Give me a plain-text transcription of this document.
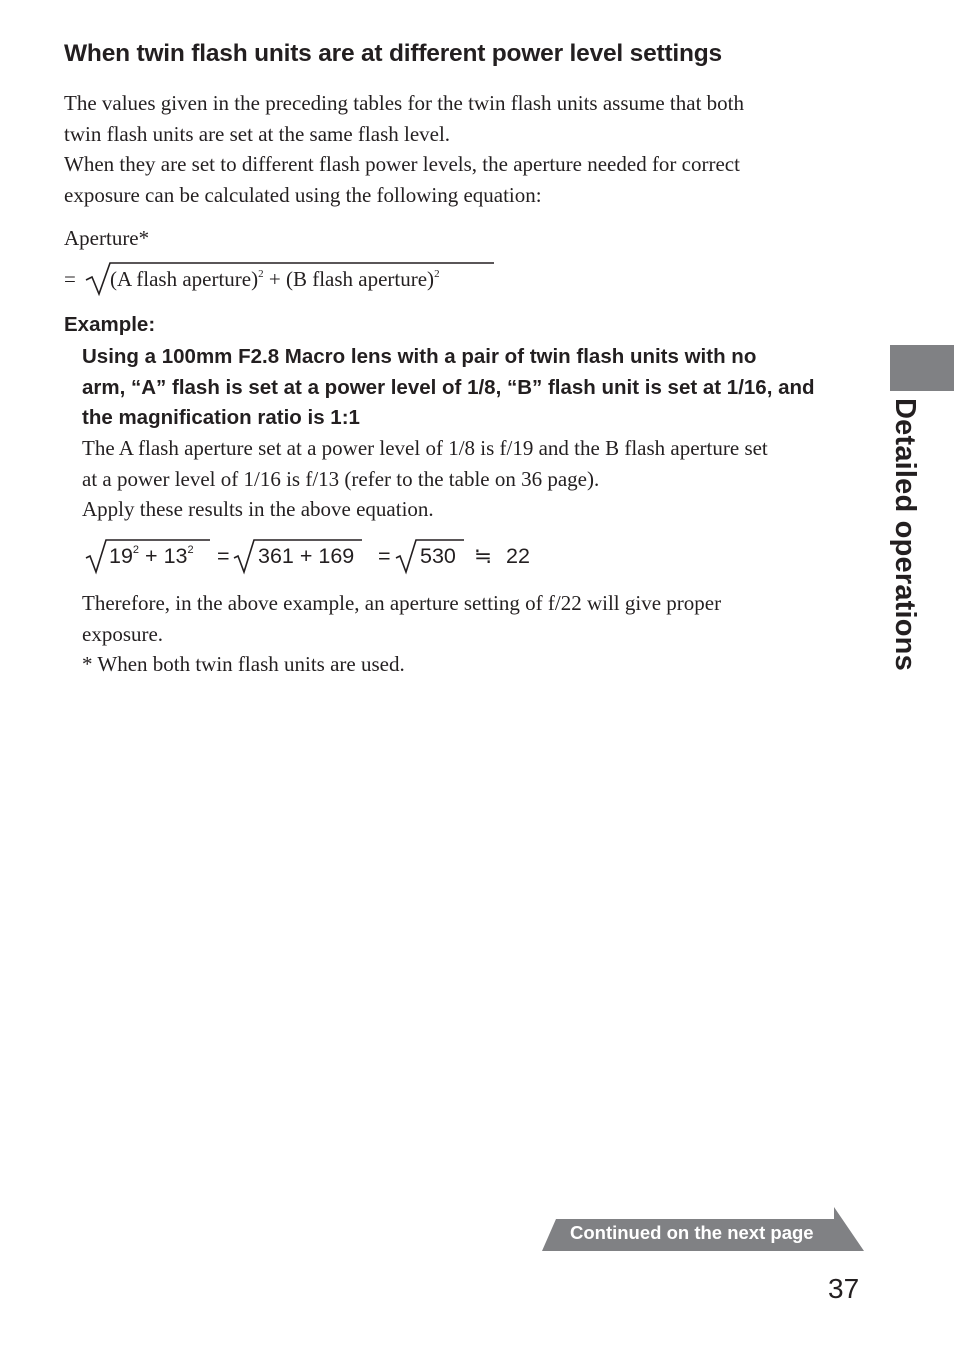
When twin flash units are at different power level settings
The values given in the preceding tables for the twin flash units assume that both
twin flash units are set at the same flash level.
When they are set to different flash power levels, the aperture needed for correct
exposure can be calculated using the following equation:
Aperture*
= (A flash aperture)$^2$ + (B flash aperture)$^2$
Example:
Using a 100mm F2.8 Macro lens with a pair of twin flash units with no
arm, “A” flash is set at a power level of 1/8, “B” flash unit is set at 1/16, and
the magnification ratio is 1:1
The A flash aperture set at a power level of 1/8 is f/19 and the B flash aperture set
at a power level of 1/16 is f/13 (refer to the table on 36 page).
Apply these results in the above equation.
$19^2 + 13^2 = 361 + 169 = 530$ ≒ 22
Therefore, in the above example, an aperture setting of f/22 will give proper
exposure.
* When both twin flash units are used.	Detailed operations
Continued on the next page
37
